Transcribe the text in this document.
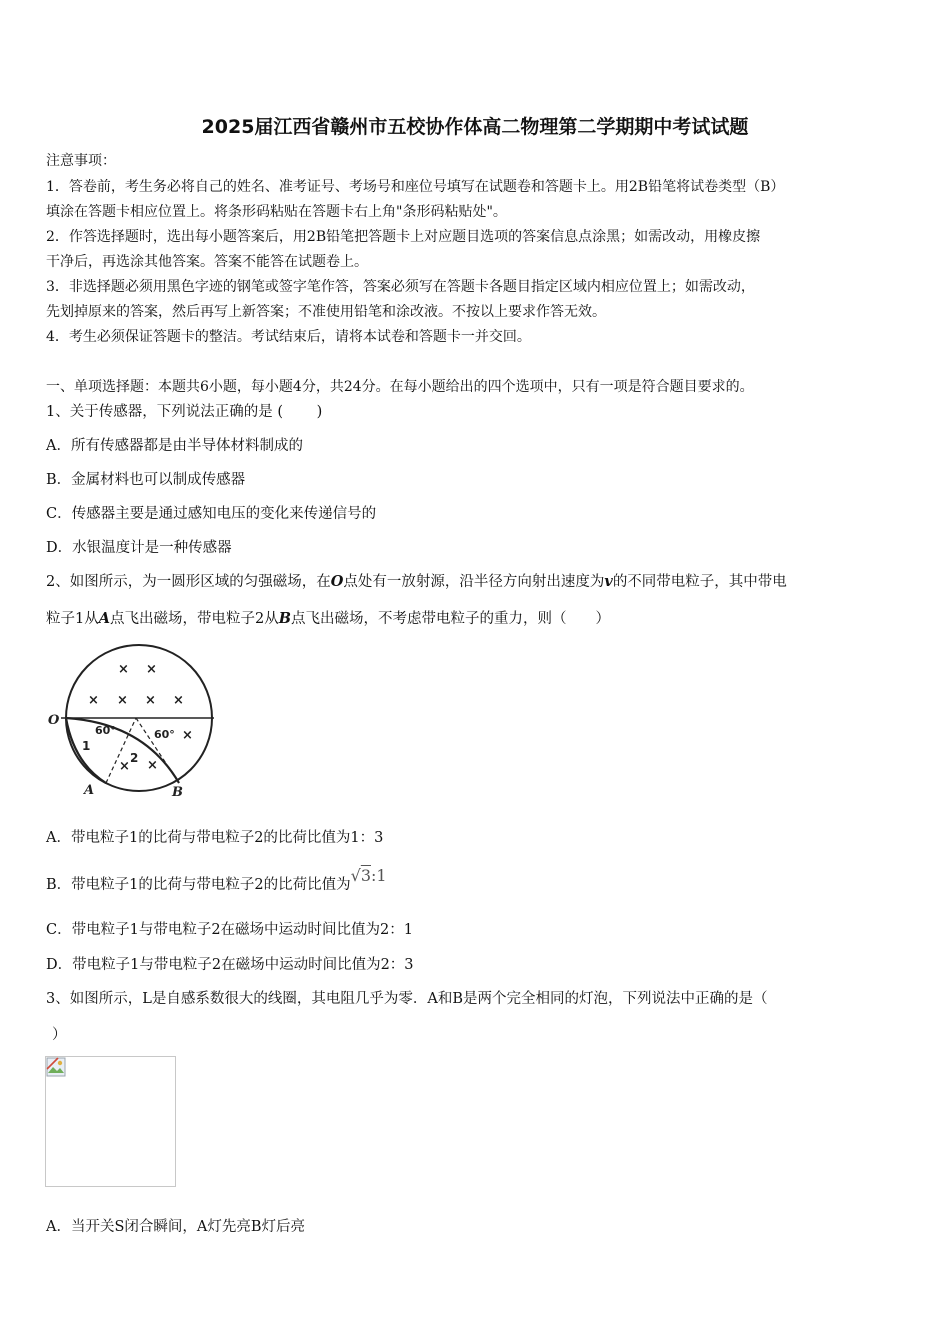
2025届江西省赣州市五校协作体高二物理第二学期期中考试试题
注意事项：
1．答卷前，考生务必将自己的姓名、准考证号、考场号和座位号填写在试题卷和答题卡上。用2B铅笔将试卷类型（B）
填涂在答题卡相应位置上。将条形码粘贴在答题卡右上角"条形码粘贴处"。
2．作答选择题时，选出每小题答案后，用2B铅笔把答题卡上对应题目选项的答案信息点涂黑；如需改动，用橡皮擦
干净后，再选涂其他答案。答案不能答在试题卷上。
3．非选择题必须用黑色字迹的钢笔或签字笔作答，答案必须写在答题卡各题目指定区域内相应位置上；如需改动，
先划掉原来的答案，然后再写上新答案；不准使用铅笔和涂改液。不按以上要求作答无效。
4．考生必须保证答题卡的整洁。考试结束后，请将本试卷和答题卡一并交回。
一、单项选择题：本题共6小题，每小题4分，共24分。在每小题给出的四个选项中，只有一项是符合题目要求的。
1、关于传感器，下列说法正确的是 (　　 )
A．所有传感器都是由半导体材料制成的
B．金属材料也可以制成传感器
C．传感器主要是通过感知电压的变化来传递信号的
D．水银温度计是一种传感器
2、如图所示，为一圆形区域的匀强磁场，在O点处有一放射源，沿半径方向射出速度为v的不同带电粒子，其中带电
粒子1从A点飞出磁场，带电粒子2从B点飞出磁场，不考虑带电粒子的重力，则（　　）
× ×
× × × ×
× ×
×
O
A	B
1
2
60°	60°
A．带电粒子1的比荷与带电粒子2的比荷比值为1：3
B．带电粒子1的比荷与带电粒子2的比荷比值为√3:1
C．带电粒子1与带电粒子2在磁场中运动时间比值为2：1
D．带电粒子1与带电粒子2在磁场中运动时间比值为2：3
3、如图所示，L是自感系数很大的线圈，其电阻几乎为零．A和B是两个完全相同的灯泡，下列说法中正确的是（
）
A．当开关S闭合瞬间，A灯先亮B灯后亮
